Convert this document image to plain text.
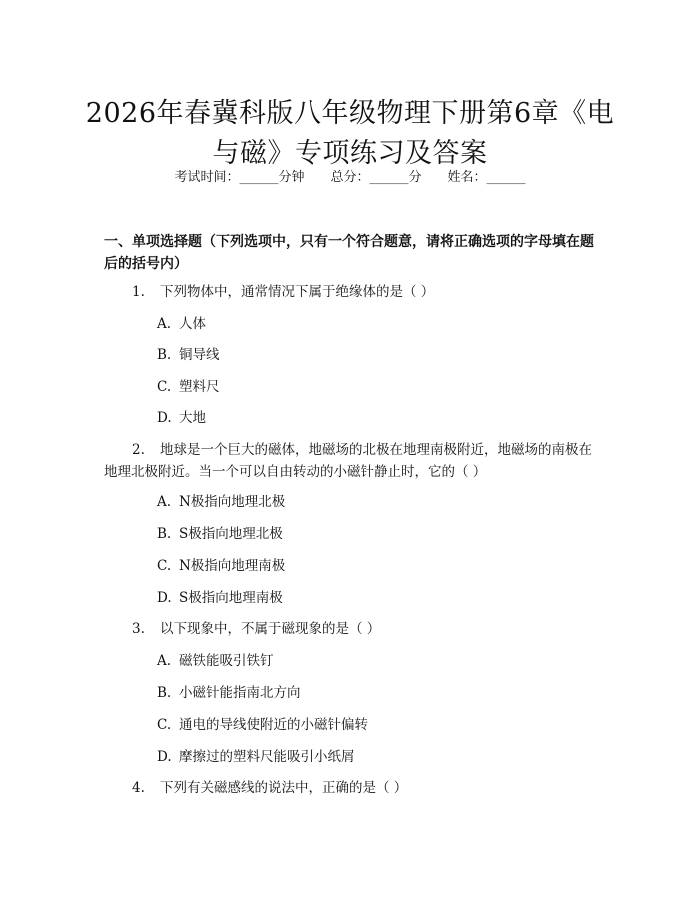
2026年春冀科版八年级物理下册第6章《电
与磁》专项练习及答案
考试时间：______分钟 总分：______分 姓名：______
一、单项选择题（下列选项中，只有一个符合题意，请将正确选项的字母填在题后的括号内）
1. 下列物体中，通常情况下属于绝缘体的是（ ）
A. 人体
B. 铜导线
C. 塑料尺
D. 大地
2. 地球是一个巨大的磁体，地磁场的北极在地理南极附近，地磁场的南极在
地理北极附近。当一个可以自由转动的小磁针静止时，它的（ ）
A. N极指向地理北极
B. S极指向地理北极
C. N极指向地理南极
D. S极指向地理南极
3. 以下现象中，不属于磁现象的是（ ）
A. 磁铁能吸引铁钉
B. 小磁针能指南北方向
C. 通电的导线使附近的小磁针偏转
D. 摩擦过的塑料尺能吸引小纸屑
4. 下列有关磁感线的说法中，正确的是（ ）
